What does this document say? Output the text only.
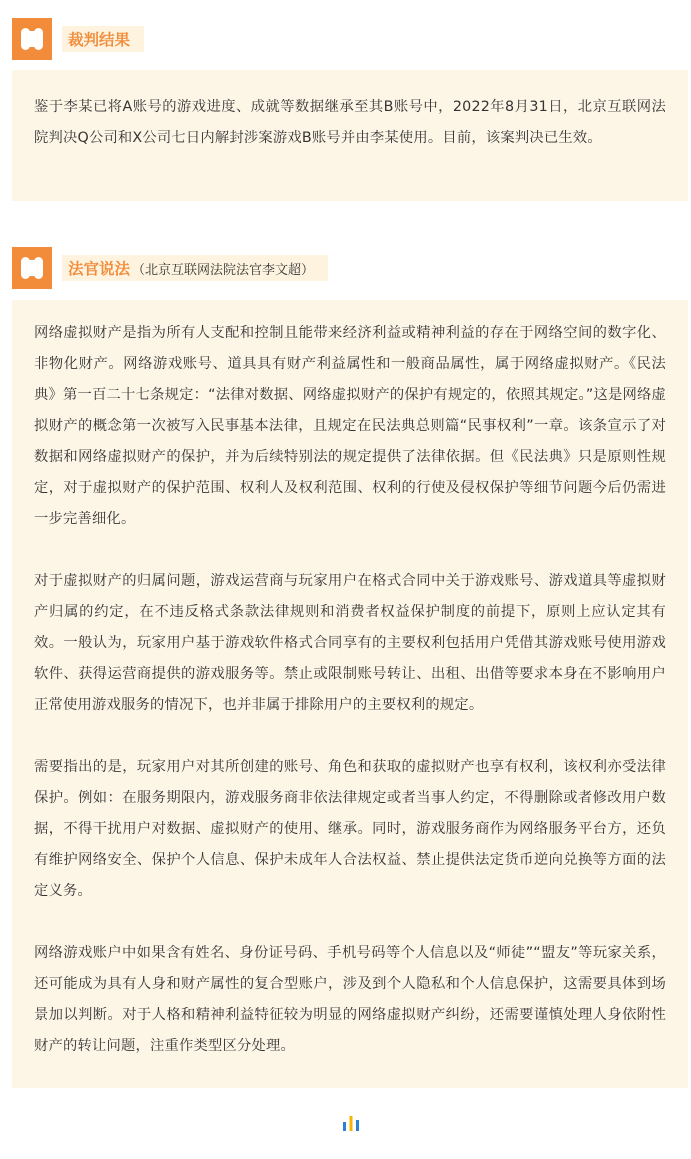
裁判结果

鉴于李某已将A账号的游戏进度、成就等数据继承至其B账号中，2022年8月31日，北京互联网法院判决Q公司和X公司七日内解封涉案游戏B账号并由李某使用。目前，该案判决已生效。

法官说法 （北京互联网法院法官李文超）

网络虚拟财产是指为所有人支配和控制且能带来经济利益或精神利益的存在于网络空间的数字化、非物化财产。网络游戏账号、道具具有财产利益属性和一般商品属性，属于网络虚拟财产。《民法典》第一百二十七条规定：“法律对数据、网络虚拟财产的保护有规定的，依照其规定。”这是网络虚拟财产的概念第一次被写入民事基本法律，且规定在民法典总则篇“民事权利”一章。该条宣示了对数据和网络虚拟财产的保护，并为后续特别法的规定提供了法律依据。但《民法典》只是原则性规定，对于虚拟财产的保护范围、权利人及权利范围、权利的行使及侵权保护等细节问题今后仍需进一步完善细化。

对于虚拟财产的归属问题，游戏运营商与玩家用户在格式合同中关于游戏账号、游戏道具等虚拟财产归属的约定，在不违反格式条款法律规则和消费者权益保护制度的前提下，原则上应认定其有效。一般认为，玩家用户基于游戏软件格式合同享有的主要权利包括用户凭借其游戏账号使用游戏软件、获得运营商提供的游戏服务等。禁止或限制账号转让、出租、出借等要求本身在不影响用户正常使用游戏服务的情况下，也并非属于排除用户的主要权利的规定。

需要指出的是，玩家用户对其所创建的账号、角色和获取的虚拟财产也享有权利，该权利亦受法律保护。例如：在服务期限内，游戏服务商非依法律规定或者当事人约定，不得删除或者修改用户数据，不得干扰用户对数据、虚拟财产的使用、继承。同时，游戏服务商作为网络服务平台方，还负有维护网络安全、保护个人信息、保护未成年人合法权益、禁止提供法定货币逆向兑换等方面的法定义务。

网络游戏账户中如果含有姓名、身份证号码、手机号码等个人信息以及“师徒”“盟友”等玩家关系，还可能成为具有人身和财产属性的复合型账户，涉及到个人隐私和个人信息保护，这需要具体到场景加以判断。对于人格和精神利益特征较为明显的网络虚拟财产纠纷，还需要谨慎处理人身依附性财产的转让问题，注重作类型区分处理。
